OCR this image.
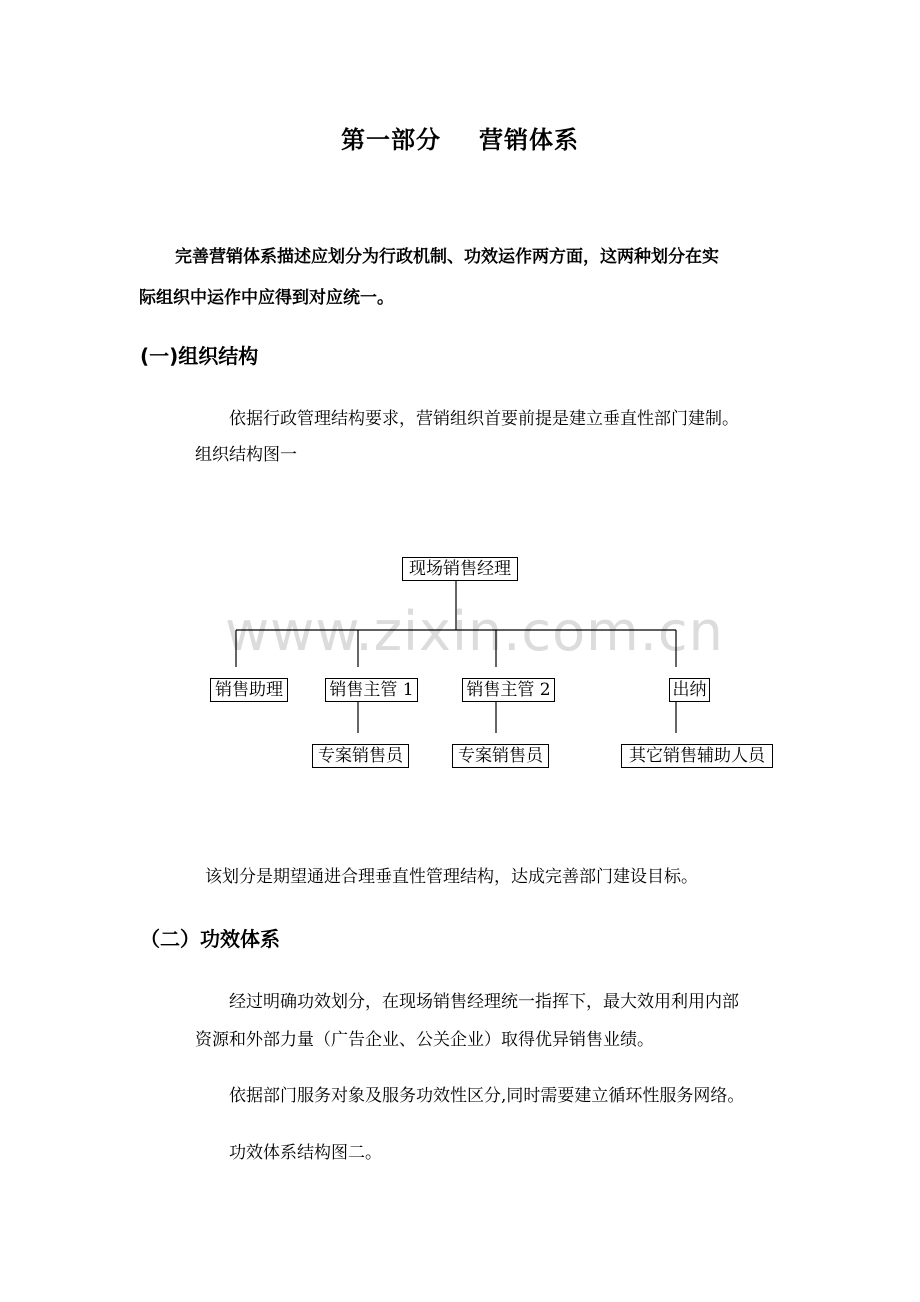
第一部分 营销体系
完善营销体系描述应划分为行政机制、功效运作两方面，这两种划分在实
际组织中运作中应得到对应统一。
(一)组织结构
依据行政管理结构要求，营销组织首要前提是建立垂直性部门建制。
组织结构图一
www.zixin.com.cn
现场销售经理
销售助理	销售主管 1	销售主管 2	出纳
专案销售员	专案销售员	其它销售辅助人员
该划分是期望通进合理垂直性管理结构，达成完善部门建设目标。
（二）功效体系
经过明确功效划分，在现场销售经理统一指挥下，最大效用利用内部
资源和外部力量（广告企业、公关企业）取得优异销售业绩。
依据部门服务对象及服务功效性区分,同时需要建立循环性服务网络。
功效体系结构图二。
